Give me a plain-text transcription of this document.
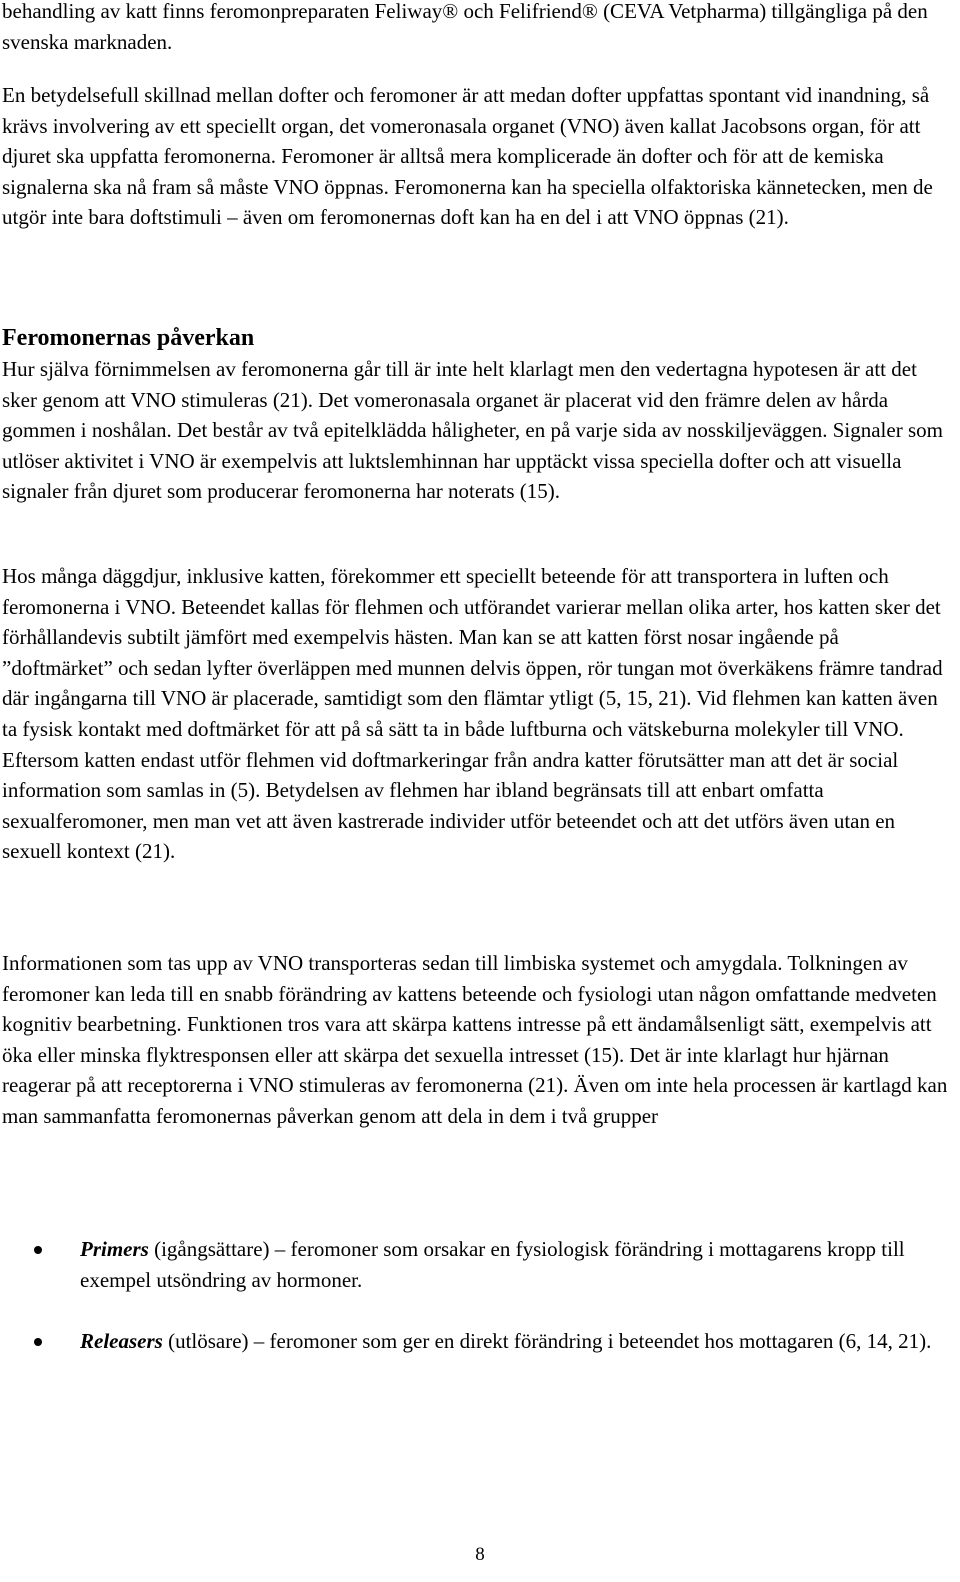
behandling av katt finns feromonpreparaten Feliway® och Felifriend® (CEVA Vetpharma) tillgängliga på den svenska marknaden.

En betydelsefull skillnad mellan dofter och feromoner är att medan dofter uppfattas spontant vid inandning, så krävs involvering av ett speciellt organ, det vomeronasala organet (VNO) även kallat Jacobsons organ, för att djuret ska uppfatta feromonerna. Feromoner är alltså mera komplicerade än dofter och för att de kemiska signalerna ska nå fram så måste VNO öppnas. Feromonerna kan ha speciella olfaktoriska kännetecken, men de utgör inte bara doftstimuli – även om feromonernas doft kan ha en del i att VNO öppnas (21).

Feromonernas påverkan

Hur själva förnimmelsen av feromonerna går till är inte helt klarlagt men den vedertagna hypotesen är att det sker genom att VNO stimuleras (21). Det vomeronasala organet är placerat vid den främre delen av hårda gommen i noshålan. Det består av två epitelklädda håligheter, en på varje sida av nosskiljeväggen. Signaler som utlöser aktivitet i VNO är exempelvis att luktslemhinnan har upptäckt vissa speciella dofter och att visuella signaler från djuret som producerar feromonerna har noterats (15).

Hos många däggdjur, inklusive katten, förekommer ett speciellt beteende för att transportera in luften och feromonerna i VNO. Beteendet kallas för flehmen och utförandet varierar mellan olika arter, hos katten sker det förhållandevis subtilt jämfört med exempelvis hästen. Man kan se att katten först nosar ingående på ”doftmärket” och sedan lyfter överläppen med munnen delvis öppen, rör tungan mot överkäkens främre tandrad där ingångarna till VNO är placerade, samtidigt som den flämtar ytligt (5, 15, 21). Vid flehmen kan katten även ta fysisk kontakt med doftmärket för att på så sätt ta in både luftburna och vätskeburna molekyler till VNO. Eftersom katten endast utför flehmen vid doftmarkeringar från andra katter förutsätter man att det är social information som samlas in (5). Betydelsen av flehmen har ibland begränsats till att enbart omfatta sexualferomoner, men man vet att även kastrerade individer utför beteendet och att det utförs även utan en sexuell kontext (21).

Informationen som tas upp av VNO transporteras sedan till limbiska systemet och amygdala. Tolkningen av feromoner kan leda till en snabb förändring av kattens beteende och fysiologi utan någon omfattande medveten kognitiv bearbetning. Funktionen tros vara att skärpa kattens intresse på ett ändamålsenligt sätt, exempelvis att öka eller minska flyktresponsen eller att skärpa det sexuella intresset (15). Det är inte klarlagt hur hjärnan reagerar på att receptorerna i VNO stimuleras av feromonerna (21). Även om inte hela processen är kartlagd kan man sammanfatta feromonernas påverkan genom att dela in dem i två grupper

Primers (igångsättare) – feromoner som orsakar en fysiologisk förändring i mottagarens kropp till exempel utsöndring av hormoner.
Releasers (utlösare) – feromoner som ger en direkt förändring i beteendet hos mottagaren (6, 14, 21).
8
